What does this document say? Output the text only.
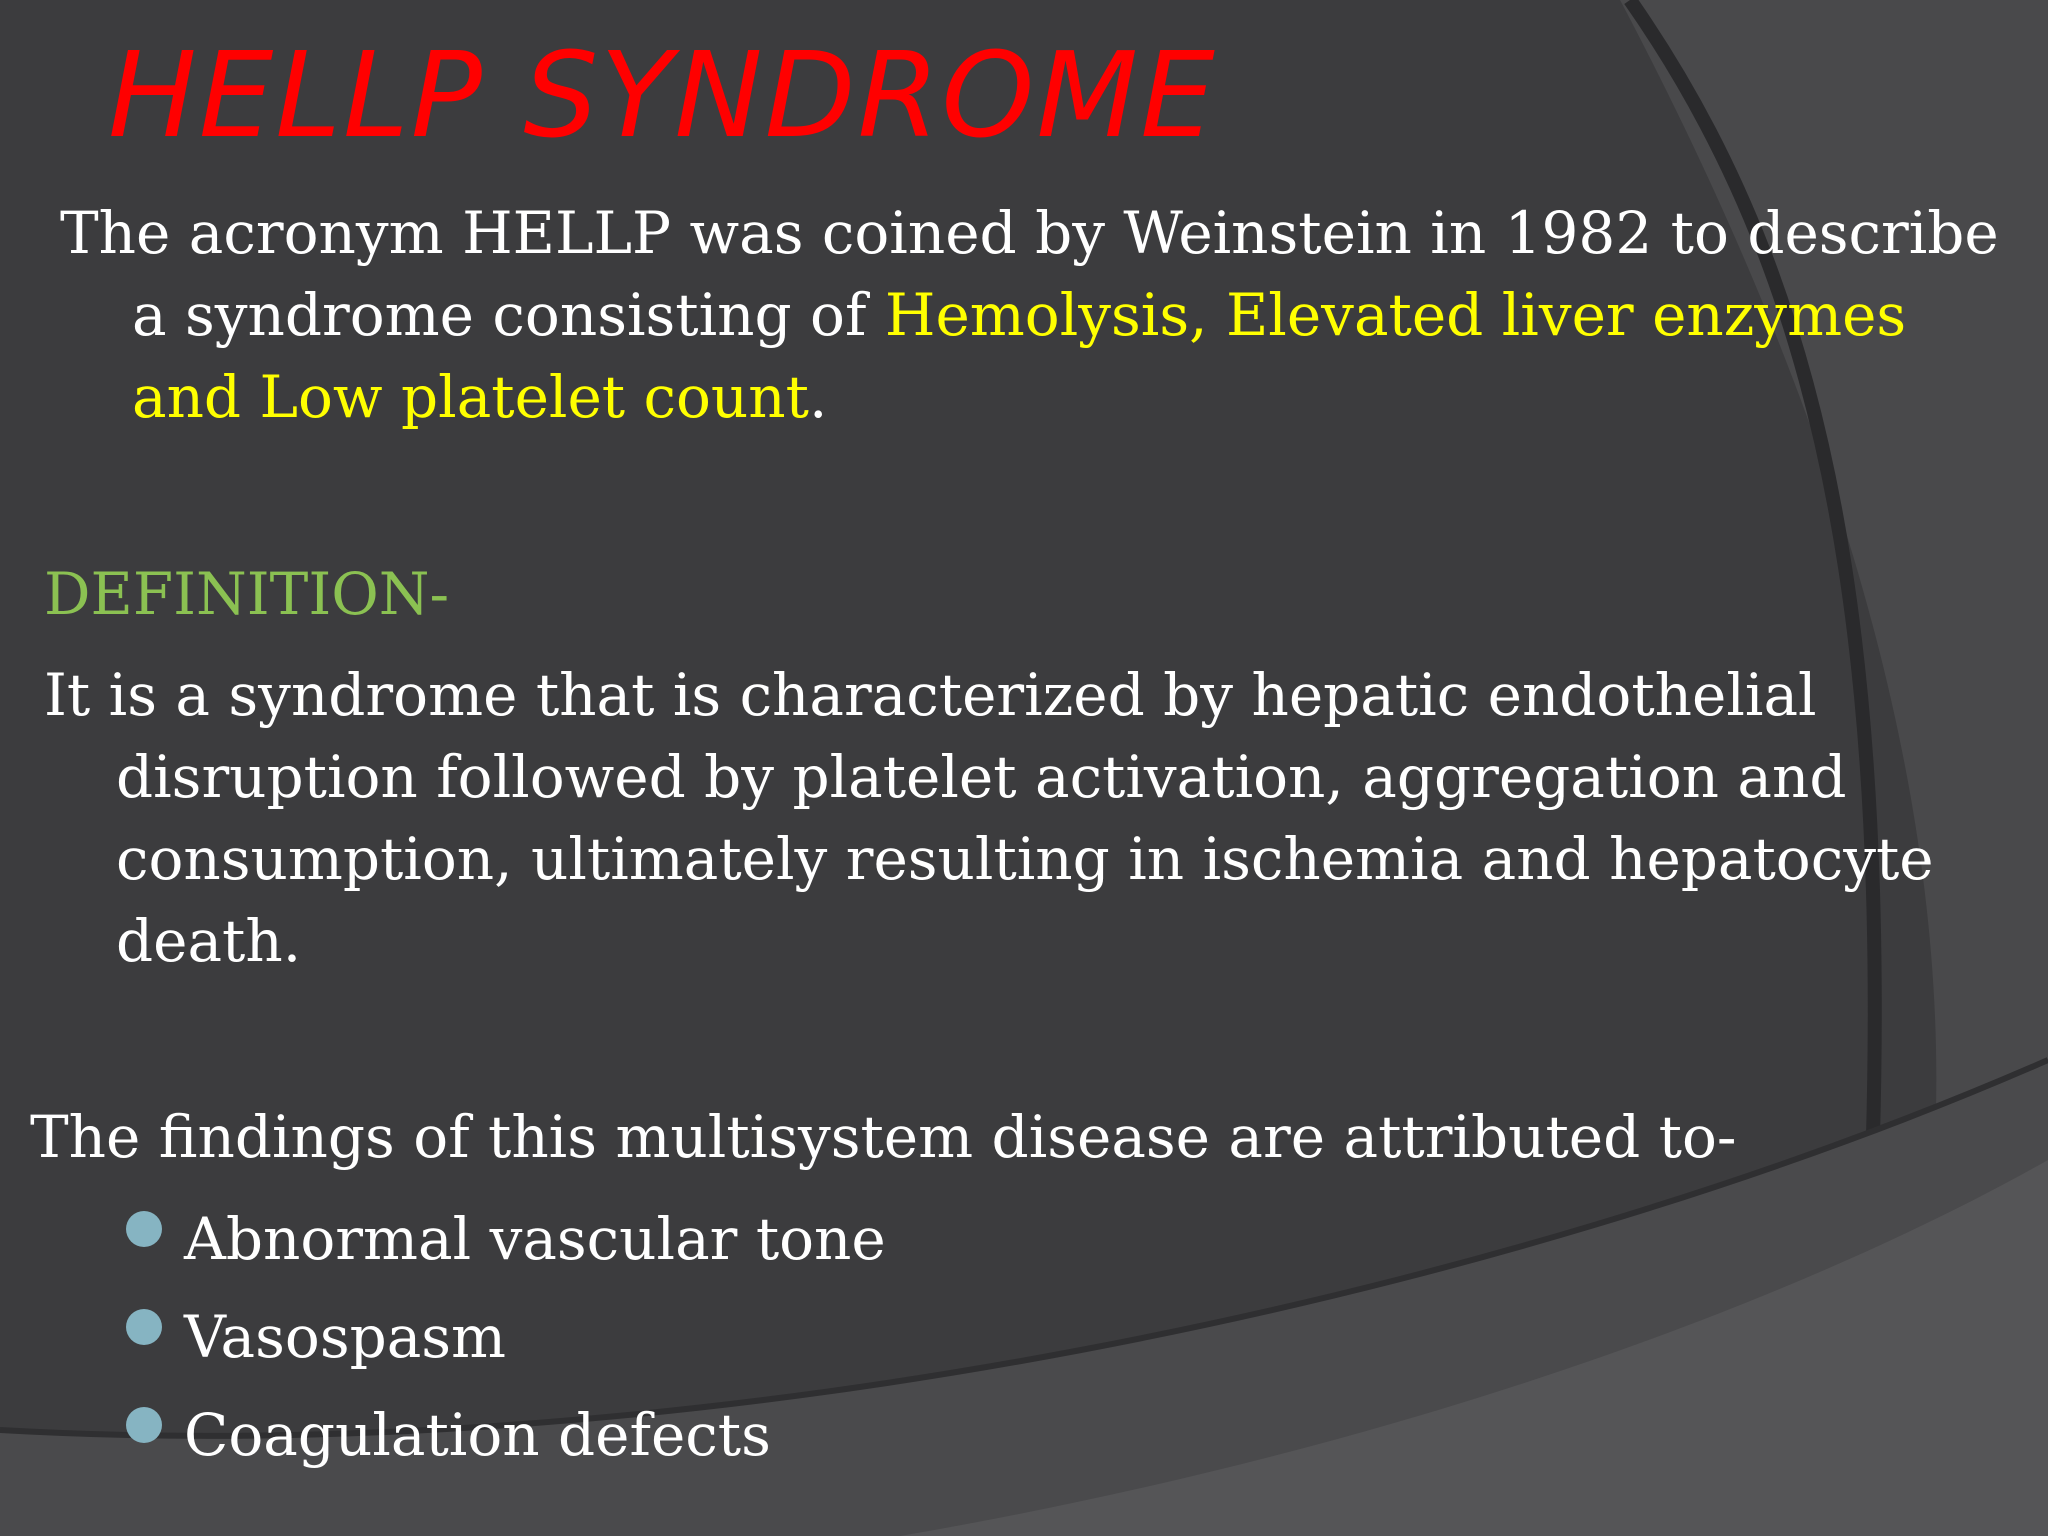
HELLP SYNDROME

The acronym HELLP was coined by Weinstein in 1982 to describe a syndrome consisting of Hemolysis, Elevated liver enzymes and Low platelet count.

DEFINITION-

It is a syndrome that is characterized by hepatic endothelial disruption followed by platelet activation, aggregation and consumption, ultimately resulting in ischemia and hepatocyte death.

The findings of this multisystem disease are attributed to-

Abnormal vascular tone
Vasospasm
Coagulation defects
